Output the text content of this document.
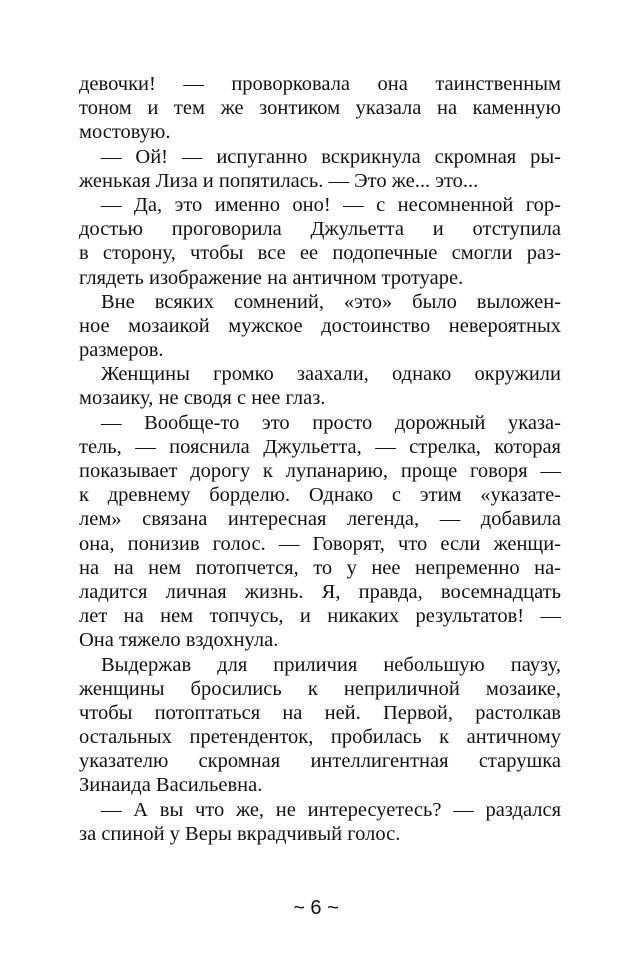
девочки! — проворковала она таинственным
тоном и тем же зонтиком указала на каменную
мостовую.
— Ой! — испуганно вскрикнула скромная ры-
женькая Лиза и попятилась. — Это же... это...
— Да, это именно оно! — с несомненной гор-
достью проговорила Джульетта и отступила
в сторону, чтобы все ее подопечные смогли раз-
глядеть изображение на античном тротуаре.
Вне всяких сомнений, «это» было выложен-
ное мозаикой мужское достоинство невероятных
размеров.
Женщины громко заахали, однако окружили
мозаику, не сводя с нее глаз.
— Вообще-то это просто дорожный указа-
тель, — пояснила Джульетта, — стрелка, которая
показывает дорогу к лупанарию, проще говоря —
к древнему борделю. Однако с этим «указате-
лем» связана интересная легенда, — добавила
она, понизив голос. — Говорят, что если женщи-
на на нем потопчется, то у нее непременно на-
ладится личная жизнь. Я, правда, восемнадцать
лет на нем топчусь, и никаких результатов! —
Она тяжело вздохнула.
Выдержав для приличия небольшую паузу,
женщины бросились к неприличной мозаике,
чтобы потоптаться на ней. Первой, растолкав
остальных претенденток, пробилась к античному
указателю скромная интеллигентная старушка
Зинаида Васильевна.
— А вы что же, не интересуетесь? — раздался
за спиной у Веры вкрадчивый голос.
~ 6 ~
